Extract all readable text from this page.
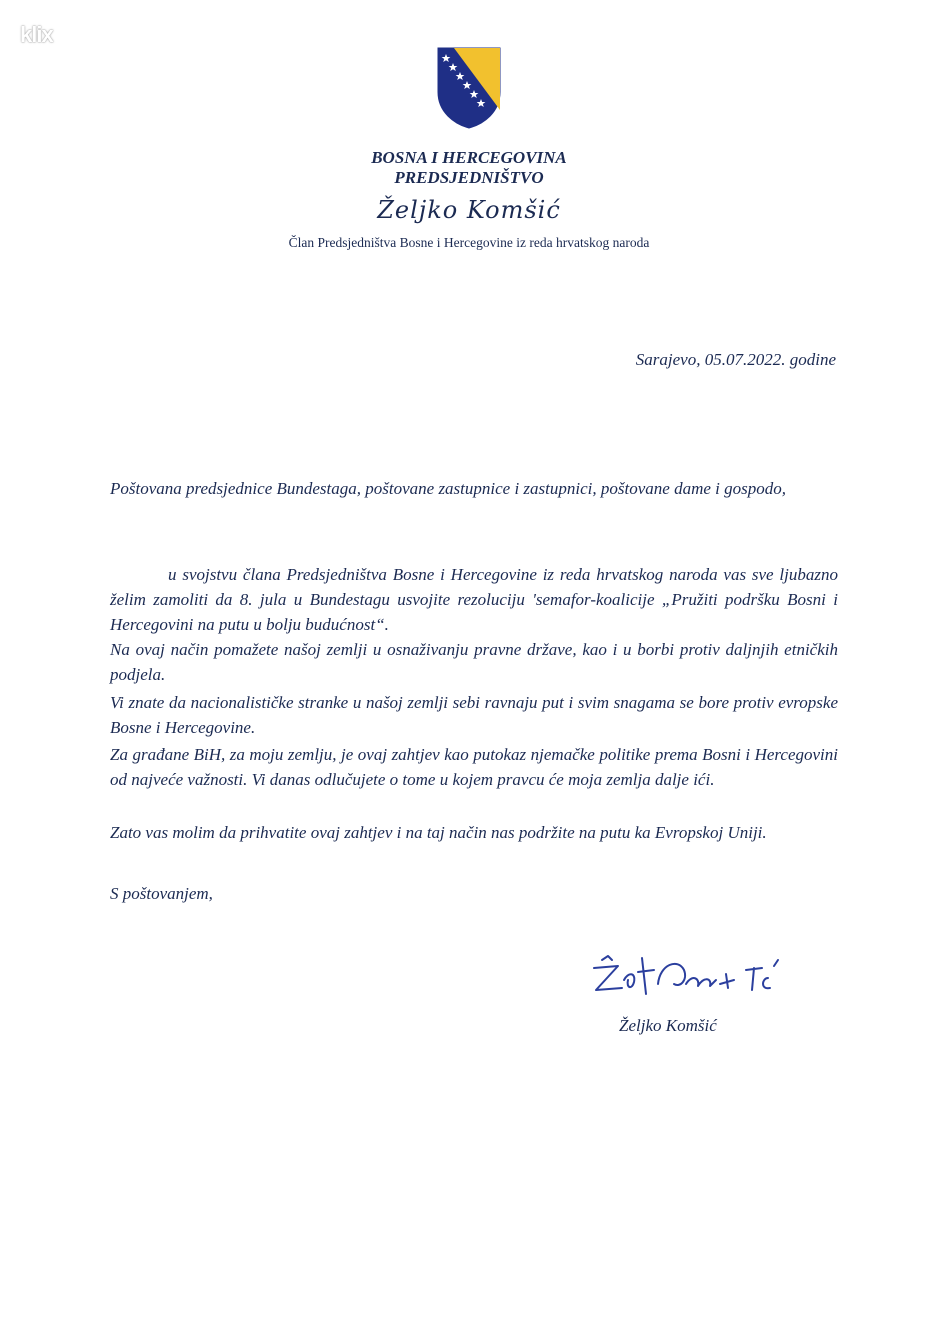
klix
BOSNA I HERCEGOVINA
PREDSJEDNIŠTVO
Željko Komšić
Član Predsjedništva Bosne i Hercegovine iz reda hrvatskog naroda
Sarajevo, 05.07.2022. godine

Poštovana predsjednice Bundestaga, poštovane zastupnice i zastupnici, poštovane dame i gospodo,

u svojstvu člana Predsjedništva Bosne i Hercegovine iz reda hrvatskog naroda vas sve ljubazno želim zamoliti da 8. jula u Bundestagu usvojite rezoluciju 'semafor-koalicije „Pružiti podršku Bosni i Hercegovini na putu u bolju budućnost“.

Na ovaj način pomažete našoj zemlji u osnaživanju pravne države, kao i u borbi protiv daljnjih etničkih podjela.

Vi znate da nacionalističke stranke u našoj zemlji sebi ravnaju put i svim snagama se bore protiv evropske Bosne i Hercegovine.

Za građane BiH, za moju zemlju, je ovaj zahtjev kao putokaz njemačke politike prema Bosni i Hercegovini od najveće važnosti. Vi danas odlučujete o tome u kojem pravcu će moja zemlja dalje ići.

Zato vas molim da prihvatite ovaj zahtjev i na taj način nas podržite na putu ka Evropskoj Uniji.

S poštovanjem,
Željko Komšić
